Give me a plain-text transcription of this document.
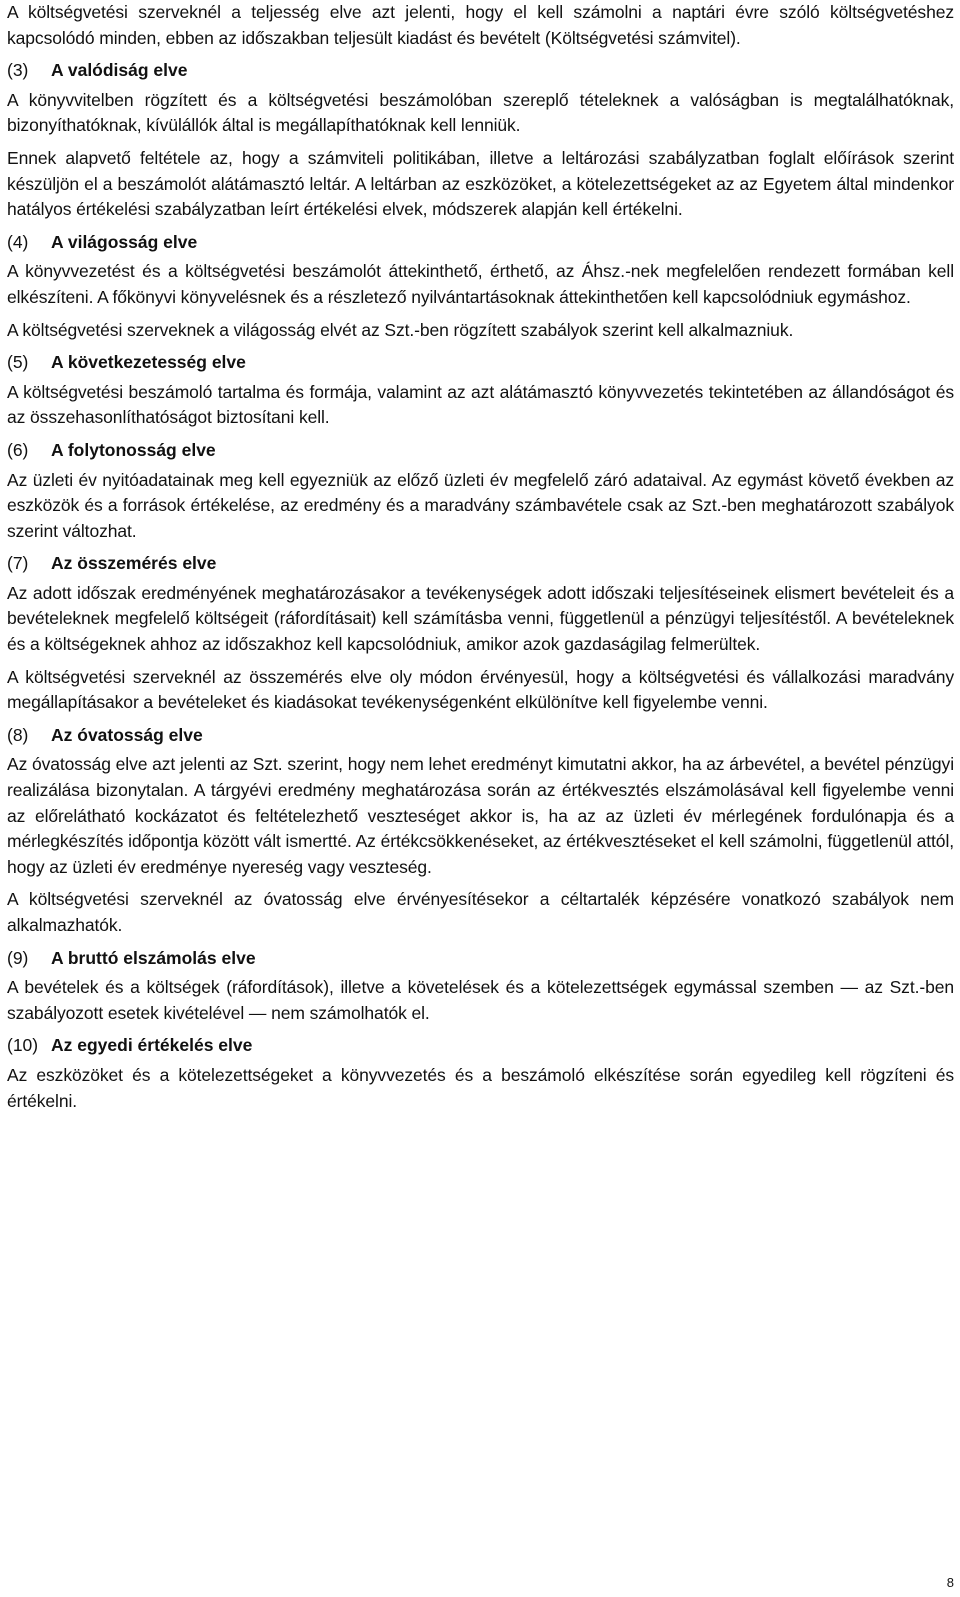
A költségvetési szerveknél a teljesség elve azt jelenti, hogy el kell számolni a naptári évre szóló költségvetéshez kapcsolódó minden, ebben az időszakban teljesült kiadást és bevételt (Költségvetési számvitel).

(3)	A valódiság elve

A könyvvitelben rögzített és a költségvetési beszámolóban szereplő tételeknek a valóságban is megtalálhatóknak, bizonyíthatóknak, kívülállók által is megállapíthatóknak kell lenniük.

Ennek alapvető feltétele az, hogy a számviteli politikában, illetve a leltározási szabályzatban foglalt előírások szerint készüljön el a beszámolót alátámasztó leltár. A leltárban az eszközöket, a kötelezettségeket az az Egyetem által mindenkor hatályos értékelési szabályzatban leírt értékelési elvek, módszerek alapján kell értékelni.

(4)	A világosság elve

A könyvvezetést és a költségvetési beszámolót áttekinthető, érthető, az Áhsz.-nek megfelelően rendezett formában kell elkészíteni. A főkönyvi könyvelésnek és a részletező nyilvántartásoknak áttekinthetően kell kapcsolódniuk egymáshoz.

A költségvetési szerveknek a világosság elvét az Szt.-ben rögzített szabályok szerint kell alkalmazniuk.

(5)	A következetesség elve

A költségvetési beszámoló tartalma és formája, valamint az azt alátámasztó könyvvezetés tekintetében az állandóságot és az összehasonlíthatóságot biztosítani kell.

(6)	A folytonosság elve

Az üzleti év nyitóadatainak meg kell egyezniük az előző üzleti év megfelelő záró adataival. Az egymást követő években az eszközök és a források értékelése, az eredmény és a maradvány számbavétele csak az Szt.-ben meghatározott szabályok szerint változhat.

(7)	Az összemérés elve

Az adott időszak eredményének meghatározásakor a tevékenységek adott időszaki teljesítéseinek elismert bevételeit és a bevételeknek megfelelő költségeit (ráfordításait) kell számításba venni, függetlenül a pénzügyi teljesítéstől. A bevételeknek és a költségeknek ahhoz az időszakhoz kell kapcsolódniuk, amikor azok gazdaságilag felmerültek.

A költségvetési szerveknél az összemérés elve oly módon érvényesül, hogy a költségvetési és vállalkozási maradvány megállapításakor a bevételeket és kiadásokat tevékenységenként elkülönítve kell figyelembe venni.

(8)	Az óvatosság elve

Az óvatosság elve azt jelenti az Szt. szerint, hogy nem lehet eredményt kimutatni akkor, ha az árbevétel, a bevétel pénzügyi realizálása bizonytalan. A tárgyévi eredmény meghatározása során az értékvesztés elszámolásával kell figyelembe venni az előrelátható kockázatot és feltételezhető veszteséget akkor is, ha az az üzleti év mérlegének fordulónapja és a mérlegkészítés időpontja között vált ismertté. Az értékcsökkenéseket, az értékvesztéseket el kell számolni, függetlenül attól, hogy az üzleti év eredménye nyereség vagy veszteség.

A költségvetési szerveknél az óvatosság elve érvényesítésekor a céltartalék képzésére vonatkozó szabályok nem alkalmazhatók.

(9)	A bruttó elszámolás elve

A bevételek és a költségek (ráfordítások), illetve a követelések és a kötelezettségek egymással szemben — az Szt.-ben szabályozott esetek kivételével — nem számolhatók el.

(10) Az egyedi értékelés elve

Az eszközöket és a kötelezettségeket a könyvvezetés és a beszámoló elkészítése során egyedileg kell rögzíteni és értékelni.

8
